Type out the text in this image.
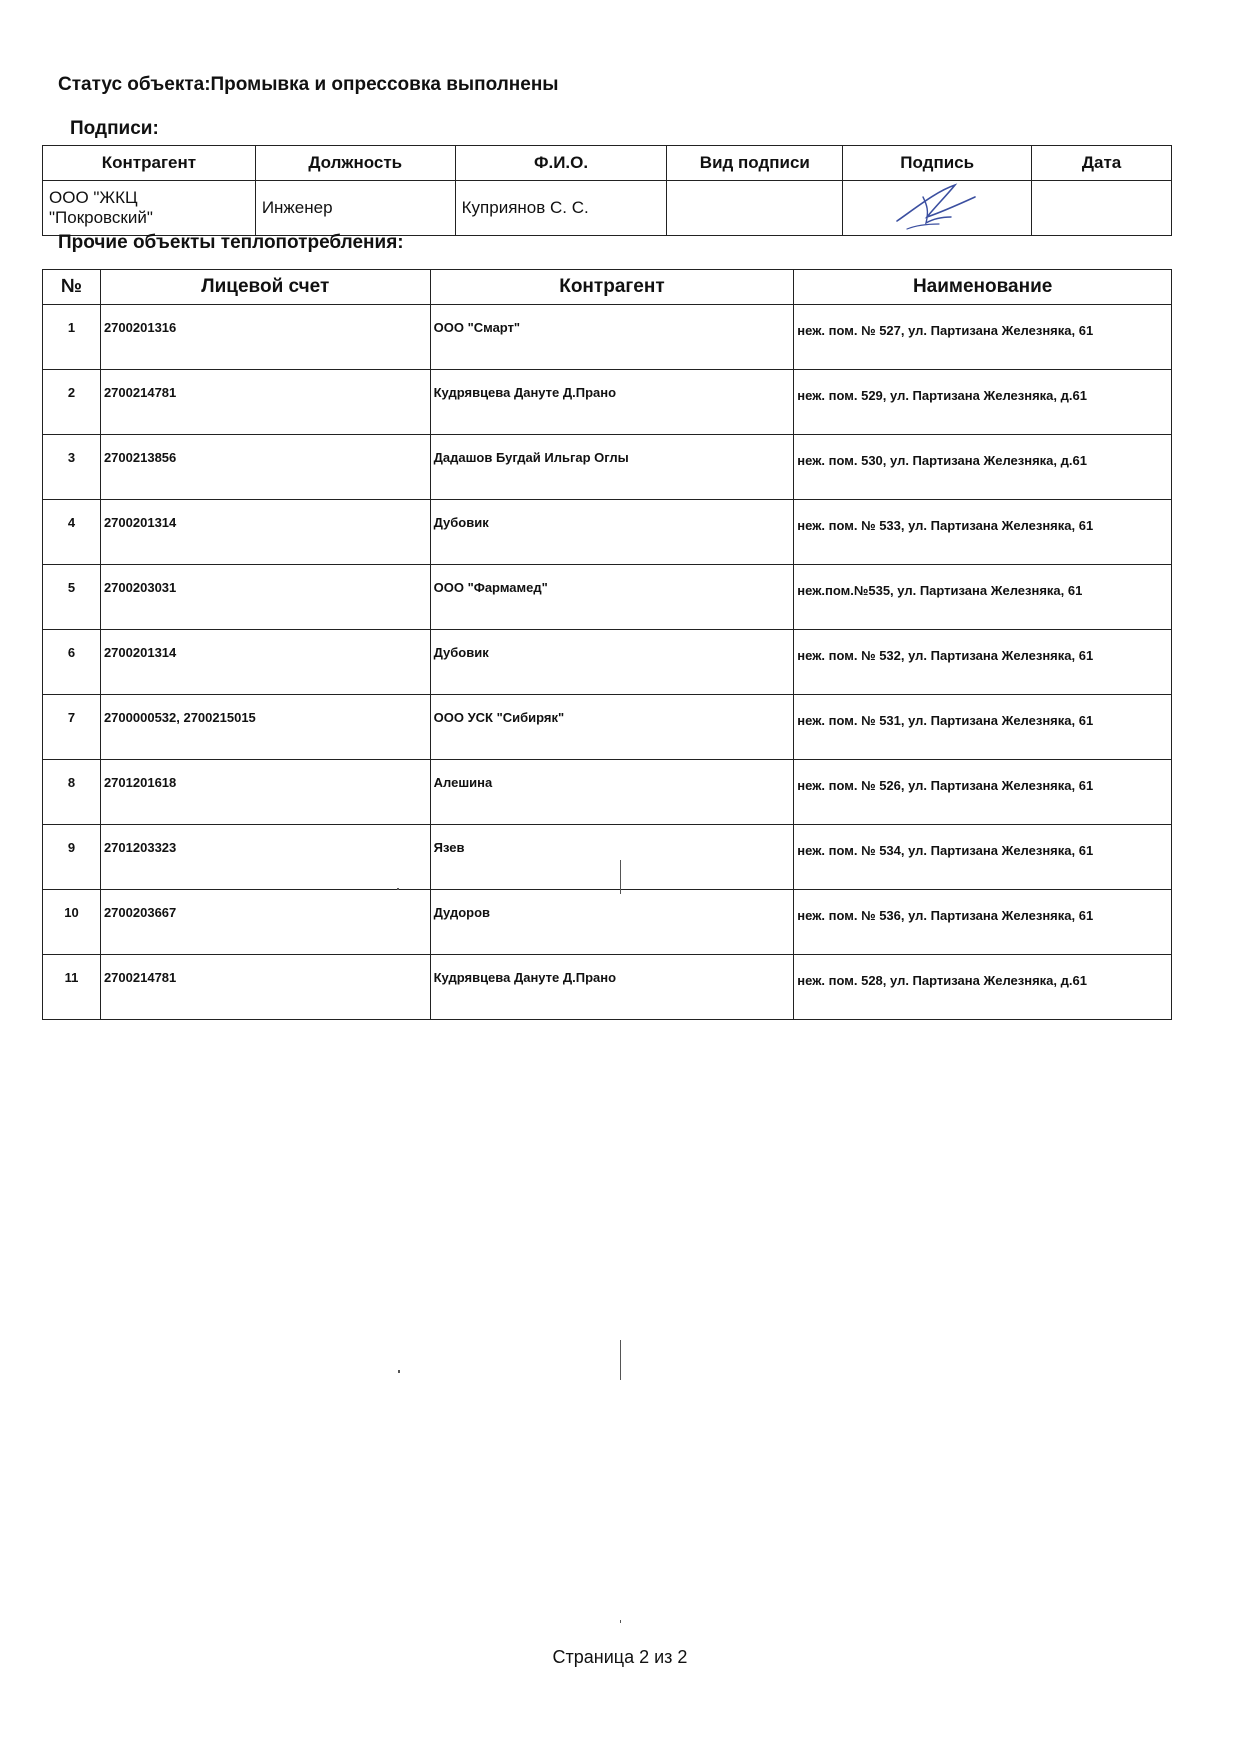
Статус объекта:Промывка и опрессовка выполнены
Подписи:
Контрагент	Должность	Ф.И.О.	Вид подписи	Подпись	Дата

ООО "ЖКЦ
"Покровский"	Инженер	Куприянов С. С.		

Прочие объекты теплопотребления:
№	Лицевой счет	Контрагент	Наименование
1	2700201316	ООО "Смарт"	неж. пом. № 527, ул. Партизана Железняка, 61
2	2700214781	Кудрявцева Дануте Д.Прано	неж. пом. 529, ул. Партизана Железняка, д.61
3	2700213856	Дадашов Бугдай Ильгар Оглы	неж. пом. 530, ул. Партизана Железняка, д.61
4	2700201314	Дубовик	неж. пом. № 533, ул. Партизана Железняка, 61
5	2700203031	ООО "Фармамед"	неж.пом.№535, ул. Партизана Железняка, 61
6	2700201314	Дубовик	неж. пом. № 532, ул. Партизана Железняка, 61
7	2700000532, 2700215015	ООО УСК "Сибиряк"	неж. пом. № 531, ул. Партизана Железняка, 61
8	2701201618	Алешина	неж. пом. № 526, ул. Партизана Железняка, 61
9	2701203323	Язев	неж. пом. № 534, ул. Партизана Железняка, 61
10	2700203667	Дудоров	неж. пом. № 536, ул. Партизана Железняка, 61
11	2700214781	Кудрявцева Дануте Д.Прано	неж. пом. 528, ул. Партизана Железняка, д.61
Страница 2 из 2
